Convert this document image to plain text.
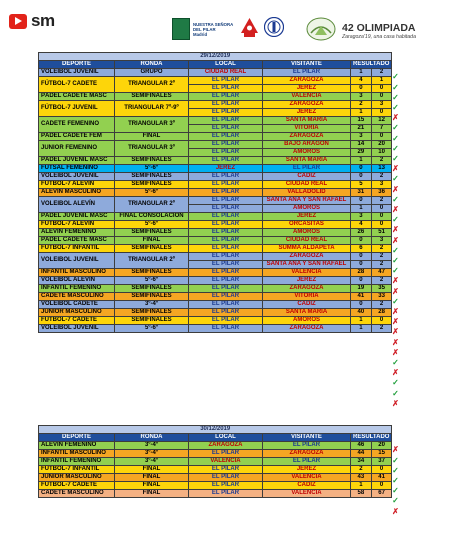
sm	NUESTRA SEÑORA
DEL PILAR
Madrid	42 OLIMPIADA
Zaragoza'19, una casa habitada
29/12/2019					
DEPORTE	RONDA	LOCAL	VISITANTE	RESULTADO	
VOLEIBOL JUVENIL	GRUPO	CIUDAD REAL	EL PILAR	1	2
FÚTBOL-7 CADETE	TRIANGULAR 2º	EL PILAR	ZARAGOZA	4	1
		EL PILAR	JEREZ	0	0
PÁDEL CADETE MASC	SEMIFINALES	EL PILAR	VALENCIA	3	0
FÚTBOL-7 JUVENIL	TRIANGULAR 7º-9º	EL PILAR	ZARAGOZA	2	3
		EL PILAR	JEREZ	1	0
CADETE FEMENINO	TRIANGULAR 3º	EL PILAR	SANTA MARÍA	15	12
		EL PILAR	VITORIA	21	7
PÁDEL CADETE FEM	FINAL	EL PILAR	ZARAGOZA	3	0
JUNIOR FEMENINO	TRIANGULAR 3º	EL PILAR	BAJO ARAGÓN	14	20
		EL PILAR	AMORÓS	29	10
PÁDEL JUVENIL MASC	SEMIFINALES	EL PILAR	SANTA MARÍA	1	2
FUTSAL FEMENINO	5º-6º	JEREZ	EL PILAR	0	13
VOLEIBOL JUVENIL	SEMIFINALES	EL PILAR	CÁDIZ	0	2
FÚTBOL-7 ALEVÍN	SEMIFINALES	EL PILAR	CIUDAD REAL	5	3
ALEVÍN MASCULINO	5º-6º	EL PILAR	VALLADOLID	31	36
VOLEIBOL ALEVÍN	TRIANGULAR 2º	EL PILAR	SANTA ANA Y SAN RAFAEL	0	2
		EL PILAR	AMORÓS	1	0
PÁDEL JUVENIL MASC	FINAL CONSOLACIÓN	EL PILAR	JEREZ	3	0
FÚTBOL-7 ALEVÍN	5º-6º	EL PILAR	ORCASITAS	4	0
ALEVÍN FEMENINO	SEMIFINALES	EL PILAR	AMORÓS	26	51
PÁDEL CADETE MASC	FINAL	EL PILAR	CIUDAD REAL	0	3
FÚTBOL-7 INFANTIL	SEMIFINALES	EL PILAR	SUMMA ALDAPETA	6	2
VOLEIBOL JUVENIL	TRIANGULAR 2º	EL PILAR	ZARAGOZA	0	2
		EL PILAR	SANTA ANA Y SAN RAFAEL	0	2
INFANTIL MASCULINO	SEMIFINALES	EL PILAR	VALENCIA	28	47
VOLEIBOL ALEVÍN	5º-6º	EL PILAR	JEREZ	0	2
INFANTIL FEMENINO	SEMIFINALES	EL PILAR	ZARAGOZA	19	35
CADETE MASCULINO	SEMIFINALES	EL PILAR	VITORIA	41	33
VOLEIBOL CADETE	3º-4º	EL PILAR	CÁDIZ	0	2
JUNIOR MASCULINO	SEMIFINALES	EL PILAR	SANTA MARÍA	40	28
FÚTBOL-7 CADETE	SEMIFINALES	EL PILAR	AMORÓS	1	0
VOLEIBOL JUVENIL	5º-6º	EL PILAR	ZARAGOZA	1	2
30/12/2019					
DEPORTE	RONDA	LOCAL	VISITANTE	RESULTADO	
ALEVÍN FEMENINO	3º-4º	ZARAGOZA	EL PILAR	46	20
INFANTIL MASCULINO	3º-4º	EL PILAR	ZARAGOZA	44	15
INFANTIL FEMENINO	3º-4º	VALENCIA	EL PILAR	34	37
FÚTBOL-7 INFANTIL	FINAL	EL PILAR	JEREZ	2	0
JUNIOR MASCULINO	FINAL	EL PILAR	VALENCIA	43	41
FÚTBOL-7 CADETE	FINAL	EL PILAR	CÁDIZ	1	0
CADETE MASCULINO	FINAL	EL PILAR	VALENCIA	58	67
✓
✓
✓
✓
✗
✓
✓
✓
✓
✗
✓
✗
✓
✗
✓
✗
✗
✓
✓
✓
✗
✗
✓
✗
✗
✗
✗
✗
✓
✗
✓
✓
✗
✗
✓
✓
✓
✓
✓
✗
